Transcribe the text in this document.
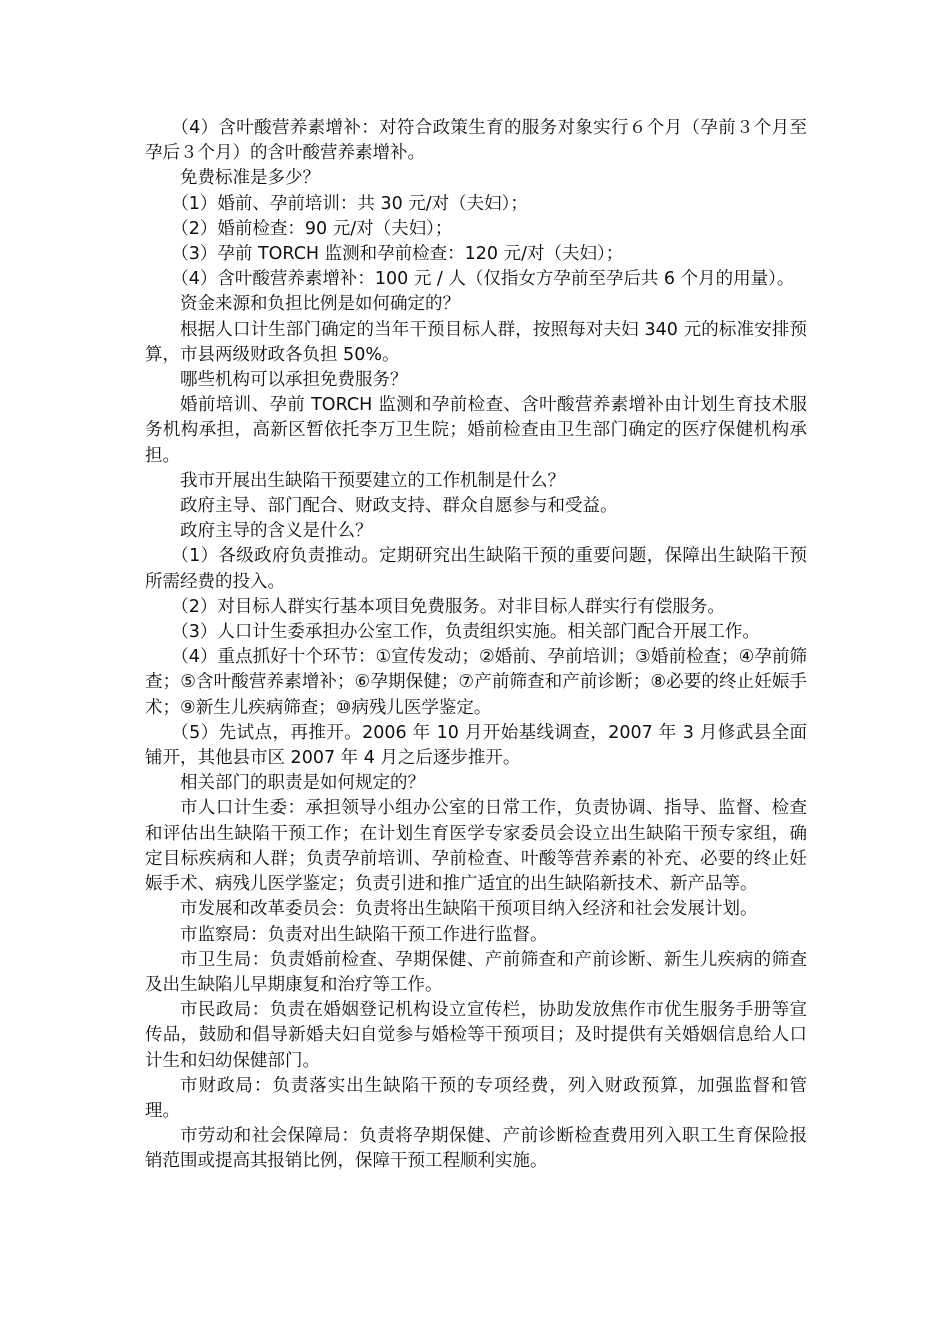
（4）含叶酸营养素增补：对符合政策生育的服务对象实行６个月（孕前３个月至孕后３个月）的含叶酸营养素增补。

免费标准是多少？

（1）婚前、孕前培训：共 30 元/对（夫妇）；

（2）婚前检查：90 元/对（夫妇）；

（3）孕前 TORCH 监测和孕前检查：120 元/对（夫妇）；

（4）含叶酸营养素增补：100 元 / 人（仅指女方孕前至孕后共 6 个月的用量）。

资金来源和负担比例是如何确定的？

根据人口计生部门确定的当年干预目标人群，按照每对夫妇 340 元的标准安排预算，市县两级财政各负担 50%。

哪些机构可以承担免费服务？

婚前培训、孕前 TORCH 监测和孕前检查、含叶酸营养素增补由计划生育技术服务机构承担，高新区暂依托李万卫生院；婚前检查由卫生部门确定的医疗保健机构承担。

我市开展出生缺陷干预要建立的工作机制是什么？

政府主导、部门配合、财政支持、群众自愿参与和受益。

政府主导的含义是什么？

（1）各级政府负责推动。定期研究出生缺陷干预的重要问题，保障出生缺陷干预所需经费的投入。

（2）对目标人群实行基本项目免费服务。对非目标人群实行有偿服务。

（3）人口计生委承担办公室工作，负责组织实施。相关部门配合开展工作。

（4）重点抓好十个环节：①宣传发动；②婚前、孕前培训；③婚前检查；④孕前筛查；⑤含叶酸营养素增补；⑥孕期保健；⑦产前筛查和产前诊断；⑧必要的终止妊娠手术；⑨新生儿疾病筛查；⑩病残儿医学鉴定。

（5）先试点，再推开。2006 年 10 月开始基线调查，2007 年 3 月修武县全面铺开，其他县市区 2007 年 4 月之后逐步推开。

相关部门的职责是如何规定的？

市人口计生委：承担领导小组办公室的日常工作，负责协调、指导、监督、检查和评估出生缺陷干预工作；在计划生育医学专家委员会设立出生缺陷干预专家组，确定目标疾病和人群；负责孕前培训、孕前检查、叶酸等营养素的补充、必要的终止妊娠手术、病残儿医学鉴定；负责引进和推广适宜的出生缺陷新技术、新产品等。

市发展和改革委员会：负责将出生缺陷干预项目纳入经济和社会发展计划。

市监察局：负责对出生缺陷干预工作进行监督。

市卫生局：负责婚前检查、孕期保健、产前筛查和产前诊断、新生儿疾病的筛查及出生缺陷儿早期康复和治疗等工作。

市民政局：负责在婚姻登记机构设立宣传栏，协助发放焦作市优生服务手册等宣传品，鼓励和倡导新婚夫妇自觉参与婚检等干预项目；及时提供有关婚姻信息给人口计生和妇幼保健部门。

市财政局：负责落实出生缺陷干预的专项经费，列入财政预算，加强监督和管理。

市劳动和社会保障局：负责将孕期保健、产前诊断检查费用列入职工生育保险报销范围或提高其报销比例，保障干预工程顺利实施。
